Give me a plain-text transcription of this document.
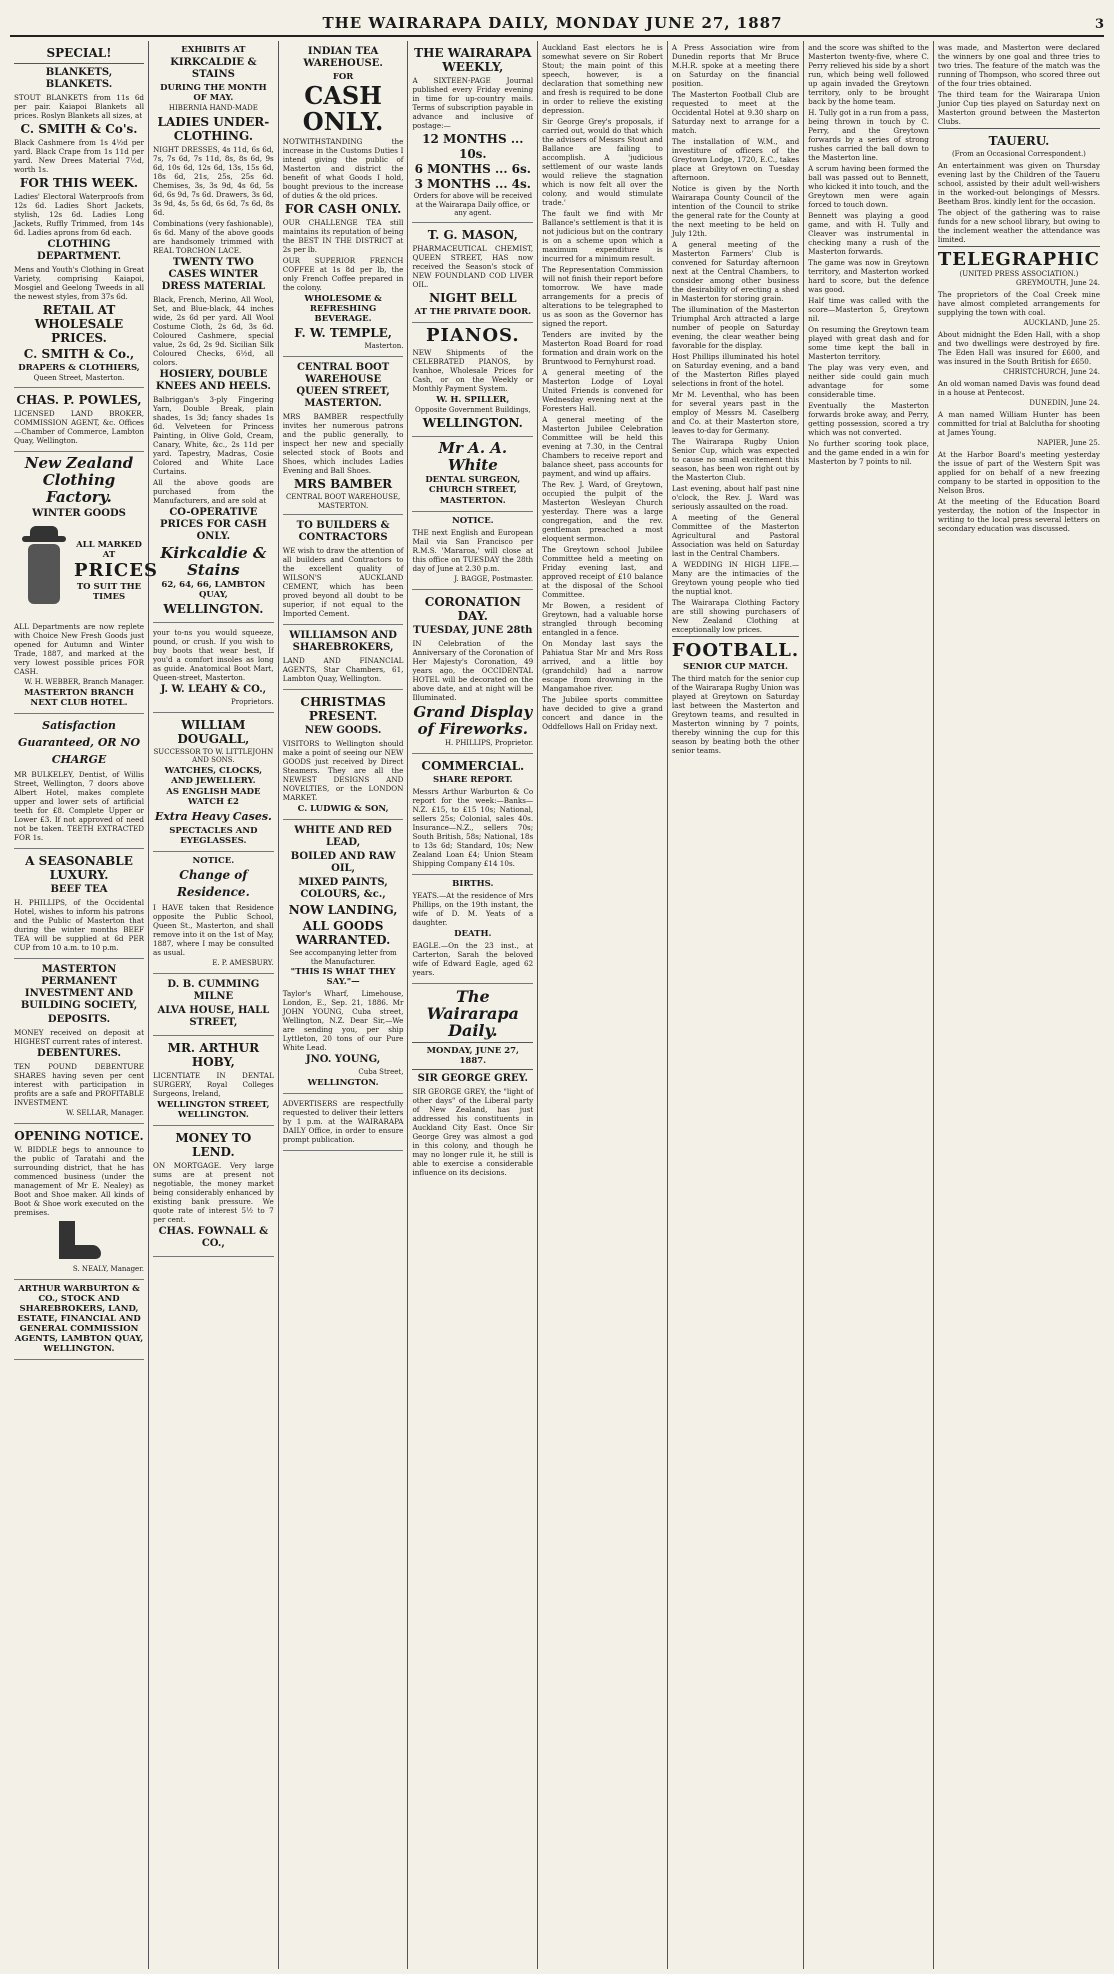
THE WAIRARAPA DAILY, MONDAY JUNE 27, 1887	3
SPECIAL!
BLANKETS, BLANKETS.
STOUT BLANKETS from 11s 6d per pair. Kaiapoi Blankets all prices. Roslyn Blankets all sizes, at
C. SMITH & Co's.
Black Cashmere from 1s 4½d per yard. Black Crape from 1s 11d per yard. New Drees Material 7½d, worth 1s.
FOR THIS WEEK.
Ladies' Electoral Waterproofs from 12s 6d. Ladies Short Jackets, stylish, 12s 6d. Ladies Long Jackets, Ruffly Trimmed, from 14s 6d. Ladies aprons from 6d each.
CLOTHING DEPARTMENT.
Mens and Youth's Clothing in Great Variety, comprising Kaiapoi, Mosgiel and Geelong Tweeds in all the newest styles, from 37s 6d.
RETAIL AT WHOLESALE PRICES.
C. SMITH & Co.,
DRAPERS & CLOTHIERS,
Queen Street, Masterton.
CHAS. P. POWLES,
LICENSED LAND BROKER, COMMISSION AGENT, &c. Offices—Chamber of Commerce, Lambton Quay, Wellington.
New Zealand
Clothing Factory.
WINTER GOODS
ALL MARKED AT
PRICES
TO SUIT THE TIMES
ALL Departments are now replete with Choice New Fresh Goods just opened for Autumn and Winter Trade, 1887, and marked at the very lowest possible prices FOR CASH.
W. H. WEBBER, Branch Manager.
MASTERTON BRANCH NEXT CLUB HOTEL.
Satisfaction Guaranteed, OR NO CHARGE
MR BULKELEY, Dentist, of Willis Street, Wellington, 7 doors above Albert Hotel, makes complete upper and lower sets of artificial teeth for £8. Complete Upper or Lower £3. If not approved of need not be taken. TEETH EXTRACTED FOR 1s.
A SEASONABLE LUXURY.
BEEF TEA
H. PHILLIPS, of the Occidental Hotel, wishes to inform his patrons and the Public of Masterton that during the winter months BEEF TEA will be supplied at 6d PER CUP from 10 a.m. to 10 p.m.
MASTERTON PERMANENT INVESTMENT AND BUILDING SOCIETY,
DEPOSITS.
MONEY received on deposit at HIGHEST current rates of interest.
DEBENTURES.
TEN POUND DEBENTURE SHARES having seven per cent interest with participation in profits are a safe and PROFITABLE INVESTMENT.
W. SELLAR, Manager.
OPENING NOTICE.
W. BIDDLE begs to announce to the public of Taratahi and the surrounding district, that he has commenced business (under the management of Mr E. Nealey) as Boot and Shoe maker. All kinds of Boot & Shoe work executed on the premises.
S. NEALY, Manager.
ARTHUR WARBURTON & CO., STOCK AND SHAREBROKERS, LAND, ESTATE, FINANCIAL AND GENERAL COMMISSION AGENTS, LAMBTON QUAY, WELLINGTON.
EXHIBITS AT
KIRKCALDIE & STAINS
DURING THE MONTH OF MAY.
HIBERNIA HAND-MADE
LADIES UNDER-CLOTHING.
NIGHT DRESSES, 4s 11d, 6s 6d, 7s, 7s 6d, 7s 11d, 8s, 8s 6d, 9s 6d, 10s 6d, 12s 6d, 13s, 15s 6d, 18s 6d, 21s, 25s, 25s 6d. Chemises, 3s, 3s 9d, 4s 6d, 5s 6d, 6s 9d, 7s 6d. Drawers, 3s 6d, 3s 9d, 4s, 5s 6d, 6s 6d, 7s 6d, 8s 6d.
Combinations (very fashionable), 6s 6d. Many of the above goods are handsomely trimmed with REAL TORCHON LACE.
TWENTY TWO CASES WINTER DRESS MATERIAL
Black, French, Merino, All Wool, Set, and Blue-black, 44 inches wide, 2s 6d per yard. All Wool Costume Cloth, 2s 6d, 3s 6d. Coloured Cashmere, special value, 2s 6d, 2s 9d. Sicilian Silk Coloured Checks, 6½d, all colors.
HOSIERY, DOUBLE KNEES AND HEELS.
Balbriggan's 3-ply Fingering Yarn, Double Break, plain shades, 1s 3d; fancy shades 1s 6d. Velveteen for Princess Painting, in Olive Gold, Cream, Canary, White, &c., 2s 11d per yard. Tapestry, Madras, Cosie Colored and White Lace Curtains.
All the above goods are purchased from the Manufacturers, and are sold at
CO-OPERATIVE PRICES FOR CASH ONLY.
Kirkcaldie & Stains
62, 64, 66, LAMBTON QUAY,
WELLINGTON.
your to-ns you would squeeze, pound, or crush. If you wish to buy boots that wear best, If you'd a comfort insoles as long as guide. Anatomical Boot Mart, Queen-street, Masterton.
J. W. LEAHY & CO.,
Proprietors.
WILLIAM DOUGALL,
SUCCESSOR TO W. LITTLEJOHN AND SONS.
WATCHES, CLOCKS, AND JEWELLERY.
AS ENGLISH MADE WATCH £2
Extra Heavy Cases.
SPECTACLES AND EYEGLASSES.
NOTICE.
Change of Residence.
I HAVE taken that Residence opposite the Public School, Queen St., Masterton, and shall remove into it on the 1st of May, 1887, where I may be consulted as usual.
E. P. AMESBURY.
D. B. CUMMING MILNE
ALVA HOUSE, HALL STREET,
MR. ARTHUR HOBY,
LICENTIATE IN DENTAL SURGERY, Royal Colleges Surgeons, Ireland,
WELLINGTON STREET, WELLINGTON.
MONEY TO LEND.
ON MORTGAGE. Very large sums are at present not negotiable, the money market being considerably enhanced by existing bank pressure. We quote rate of interest 5½ to 7 per cent.
CHAS. FOWNALL & CO.,
INDIAN TEA WAREHOUSE.
FOR
CASH ONLY.
NOTWITHSTANDING the increase in the Customs Duties I intend giving the public of Masterton and district the benefit of what Goods I hold, bought previous to the increase of duties & the old prices.
FOR CASH ONLY.
OUR CHALLENGE TEA still maintains its reputation of being the BEST IN THE DISTRICT at 2s per lb.
OUR SUPERIOR FRENCH COFFEE at 1s 8d per lb, the only French Coffee prepared in the colony.
WHOLESOME & REFRESHING BEVERAGE.
F. W. TEMPLE,
Masterton.
CENTRAL BOOT WAREHOUSE QUEEN STREET, MASTERTON.
MRS BAMBER respectfully invites her numerous patrons and the public generally, to inspect her new and specially selected stock of Boots and Shoes, which includes Ladies Evening and Ball Shoes.
MRS BAMBER
CENTRAL BOOT WAREHOUSE, MASTERTON.
TO BUILDERS & CONTRACTORS
WE wish to draw the attention of all builders and Contractors to the excellent quality of WILSON'S AUCKLAND CEMENT, which has been proved beyond all doubt to be superior, if not equal to the Imported Cement.
WILLIAMSON AND SHAREBROKERS,
LAND AND FINANCIAL AGENTS, Star Chambers, 61, Lambton Quay, Wellington.
CHRISTMAS PRESENT.
NEW GOODS.
VISITORS to Wellington should make a point of seeing our NEW GOODS just received by Direct Steamers. They are all the NEWEST DESIGNS AND NOVELTIES, or the LONDON MARKET.
C. LUDWIG & SON,
WHITE AND RED LEAD,
BOILED AND RAW OIL,
MIXED PAINTS, COLOURS, &c.,
NOW LANDING,
ALL GOODS WARRANTED.
See accompanying letter from the Manufacturer.
"THIS IS WHAT THEY SAY."—
Taylor's Wharf, Limehouse, London, E., Sep. 21, 1886. Mr JOHN YOUNG, Cuba street, Wellington, N.Z. Dear Sir,—We are sending you, per ship Lyttleton, 20 tons of our Pure White Lead.
JNO. YOUNG,
Cuba Street,
WELLINGTON.
ADVERTISERS are respectfully requested to deliver their letters by 1 p.m. at the WAIRARAPA DAILY Office, in order to ensure prompt publication.
THE WAIRARAPA WEEKLY,
A SIXTEEN-PAGE Journal published every Friday evening in time for up-country mails. Terms of subscription payable in advance and inclusive of postage:—
12 MONTHS ... 10s.
6 MONTHS ... 6s.
3 MONTHS ... 4s.
Orders for above will be received at the Wairarapa Daily office, or any agent.
T. G. MASON,
PHARMACEUTICAL CHEMIST, QUEEN STREET, HAS now received the Season's stock of NEW FOUNDLAND COD LIVER OIL.
NIGHT BELL
AT THE PRIVATE DOOR.
PIANOS.
NEW Shipments of the CELEBRATED PIANOS, by Ivanhoe, Wholesale Prices for Cash, or on the Weekly or Monthly Payment System.
W. H. SPILLER,
Opposite Government Buildings,
WELLINGTON.
Mr A. A. White
DENTAL SURGEON, CHURCH STREET,
MASTERTON.
NOTICE.
THE next English and European Mail via San Francisco per R.M.S. 'Mararoa,' will close at this office on TUESDAY the 28th day of June at 2.30 p.m.
J. BAGGE, Postmaster.
CORONATION DAY.
TUESDAY, JUNE 28th
IN Celebration of the Anniversary of the Coronation of Her Majesty's Coronation, 49 years ago, the OCCIDENTAL HOTEL will be decorated on the above date, and at night will be Illuminated.
Grand Display of Fireworks.
H. PHILLIPS, Proprietor.
COMMERCIAL.
SHARE REPORT.
Messrs Arthur Warburton & Co report for the week:—Banks—N.Z. £15, to £15 10s; National, sellers 25s; Colonial, sales 40s. Insurance—N.Z., sellers 70s; South British, 58s; National, 18s to 13s 6d; Standard, 10s; New Zealand Loan £4; Union Steam Shipping Company £14 10s.
BIRTHS.
YEATS.—At the residence of Mrs Phillips, on the 19th instant, the wife of D. M. Yeats of a daughter.
DEATH.
EAGLE.—On the 23 inst., at Carterton, Sarah the beloved wife of Edward Eagle, aged 62 years.
The Wairarapa Daily.
MONDAY, JUNE 27, 1887.
SIR GEORGE GREY.
SIR GEORGE GREY, the "light of other days" of the Liberal party of New Zealand, has just addressed his constituents in Auckland City East. Once Sir George Grey was almost a god in this colony, and though he may no longer rule it, he still is able to exercise a considerable influence on its decisions.

Auckland East electors he is somewhat severe on Sir Robert Stout; the main point of this speech, however, is a declaration that something new and fresh is required to be done in order to relieve the existing depression.

Sir George Grey's proposals, if carried out, would do that which the advisers of Messrs Stout and Ballance are failing to accomplish. A 'judicious settlement of our waste lands would relieve the stagnation which is now felt all over the colony, and would stimulate trade.'

The fault we find with Mr Ballance's settlement is that it is not judicious but on the contrary is on a scheme upon which a maximum expenditure is incurred for a minimum result.

The Representation Commission will not finish their report before tomorrow. We have made arrangements for a precis of alterations to be telegraphed to us as soon as the Governor has signed the report.

Tenders are invited by the Masterton Road Board for road formation and drain work on the Bruntwood to Fernyhurst road.

A general meeting of the Masterton Lodge of Loyal United Friends is convened for Wednesday evening next at the Foresters Hall.

A general meeting of the Masterton Jubilee Celebration Committee will be held this evening at 7.30, in the Central Chambers to receive report and balance sheet, pass accounts for payment, and wind up affairs.

The Rev. J. Ward, of Greytown, occupied the pulpit of the Masterton Wesleyan Church yesterday. There was a large congregation, and the rev. gentleman preached a most eloquent sermon.

The Greytown school Jubilee Committee held a meeting on Friday evening last, and approved receipt of £10 balance at the disposal of the School Committee.

Mr Bowen, a resident of Greytown, had a valuable horse strangled through becoming entangled in a fence.

On Monday last says the Pahiatua Star Mr and Mrs Ross arrived, and a little boy (grandchild) had a narrow escape from drowning in the Mangamahoe river.

The Jubilee sports committee have decided to give a grand concert and dance in the Oddfellows Hall on Friday next.

A Press Association wire from Dunedin reports that Mr Bruce M.H.R. spoke at a meeting there on Saturday on the financial position.

The Masterton Football Club are requested to meet at the Occidental Hotel at 9.30 sharp on Saturday next to arrange for a match.

The installation of W.M., and investiture of officers of the Greytown Lodge, 1720, E.C., takes place at Greytown on Tuesday afternoon.

Notice is given by the North Wairarapa County Council of the intention of the Council to strike the general rate for the County at the next meeting to be held on July 12th.

A general meeting of the Masterton Farmers' Club is convened for Saturday afternoon next at the Central Chambers, to consider among other business the desirability of erecting a shed in Masterton for storing grain.

The illumination of the Masterton Triumphal Arch attracted a large number of people on Saturday evening, the clear weather being favorable for the display.

Host Phillips illuminated his hotel on Saturday evening, and a band of the Masterton Rifles played selections in front of the hotel.

Mr M. Leventhal, who has been for several years past in the employ of Messrs M. Caselberg and Co. at their Masterton store, leaves to-day for Germany.

The Wairarapa Rugby Union Senior Cup, which was expected to cause no small excitement this season, has been won right out by the Masterton Club.

Last evening, about half past nine o'clock, the Rev. J. Ward was seriously assaulted on the road.

A meeting of the General Committee of the Masterton Agricultural and Pastoral Association was held on Saturday last in the Central Chambers.

A WEDDING IN HIGH LIFE.—Many are the intimacies of the Greytown young people who tied the nuptial knot.

The Wairarapa Clothing Factory are still showing purchasers of New Zealand Clothing at exceptionally low prices.

FOOTBALL.
SENIOR CUP MATCH.

The third match for the senior cup of the Wairarapa Rugby Union was played at Greytown on Saturday last between the Masterton and Greytown teams, and resulted in Masterton winning by 7 points, thereby winning the cup for this season by beating both the other senior teams.

and the score was shifted to the Masterton twenty-five, where C. Perry relieved his side by a short run, which being well followed up again invaded the Greytown territory, only to be brought back by the home team.

H. Tully got in a run from a pass, being thrown in touch by C. Perry, and the Greytown forwards by a series of strong rushes carried the ball down to the Masterton line.

A scrum having been formed the ball was passed out to Bennett, who kicked it into touch, and the Greytown men were again forced to touch down.

Bennett was playing a good game, and with H. Tully and Cleaver was instrumental in checking many a rush of the Masterton forwards.

The game was now in Greytown territory, and Masterton worked hard to score, but the defence was good.

Half time was called with the score—Masterton 5, Greytown nil.

On resuming the Greytown team played with great dash and for some time kept the ball in Masterton territory.

The play was very even, and neither side could gain much advantage for some considerable time.

Eventually the Masterton forwards broke away, and Perry, getting possession, scored a try which was not converted.

No further scoring took place, and the game ended in a win for Masterton by 7 points to nil.

was made, and Masterton were declared the winners by one goal and three tries to two tries. The feature of the match was the running of Thompson, who scored three out of the four tries obtained.

The third team for the Wairarapa Union Junior Cup ties played on Saturday next on Masterton ground between the Masterton Clubs.

TAUERU.
(From an Occasional Correspondent.)

An entertainment was given on Thursday evening last by the Children of the Taueru school, assisted by their adult well-wishers in the worked-out belongings of Messrs. Beetham Bros. kindly lent for the occasion.

The object of the gathering was to raise funds for a new school library, but owing to the inclement weather the attendance was limited.

TELEGRAPHIC
(UNITED PRESS ASSOCIATION.)
GREYMOUTH, June 24.

The proprietors of the Coal Creek mine have almost completed arrangements for supplying the town with coal.

AUCKLAND, June 25.

About midnight the Eden Hall, with a shop and two dwellings were destroyed by fire. The Eden Hall was insured for £600, and was insured in the South British for £650.

CHRISTCHURCH, June 24.

An old woman named Davis was found dead in a house at Pentecost.

DUNEDIN, June 24.

A man named William Hunter has been committed for trial at Balclutha for shooting at James Young.

NAPIER, June 25.

At the Harbor Board's meeting yesterday the issue of part of the Western Spit was applied for on behalf of a new freezing company to be started in opposition to the Nelson Bros.

At the meeting of the Education Board yesterday, the notion of the Inspector in writing to the local press several letters on secondary education was discussed.
